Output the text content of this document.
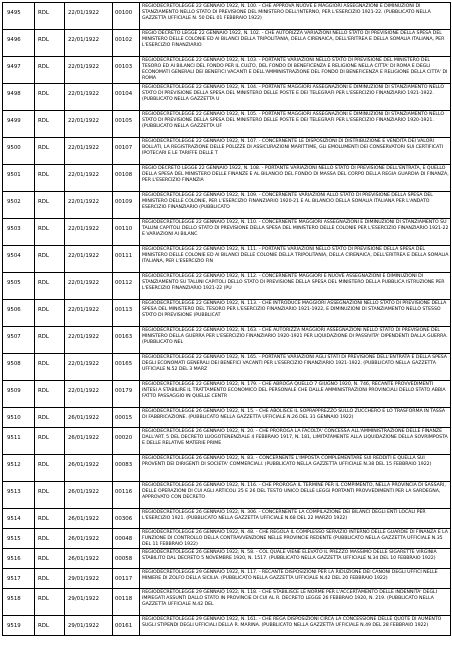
9495	RDL	22/01/1922	00100	REGIODECRETOLEGGE 22 GENNAIO 1922, N. 100. - CHE APPROVA NUOVE E MAGGIORI ASSEGNAZIONI E DIMINUZIONI DI STANZIAMENTO NELLO STATO DI PREVISIONE DEL MINISTERO DELL'INTERNO, PER L'ESERCIZIO 1921-22. (PUBBLICATO NELLA GAZZETTA UFFICIALE N. 50 DEL 01 FEBBRAIO 1922)
9496	RDL	22/01/1922	00102	REGIO DECRETO LEGGE 22 GENNAIO 1922, N. 102. - CHE AUTORIZZA VARIAZIONI NELLO STATO DI PREVISIONE DELLA SPESA DEL MINISTERO DELLE COLONIE ED AI BILANCI DELLA TRIPOLITANIA, DELLA CIRENAICA, DELL'ERITREA E DELLA SOMALIA ITALIANA, PER L'ESERCIZIO FINANZIARIO
9497	RDL	22/01/1922	00103	REGIODECRETOLEGGE 22 GENNAIO 1922, N. 103. - PORTANTE VARIAZIONI NELLO STATO DI PREVISIONE DEL MINISTERO DEL TESORO ED AI BILANCI DEL FONDO PER IL CULTO, DEL FONDO DI BENEFICENZA E RELIGIONE NELLA CITTA' DI ROMA E DEGLI ECONOMATI GENERALI DEI BENEFICI VACANTI E DELL'AMMINISTRAZIONE DEL FONDO DI BENEFICENZA E RELIGIONE DELLA CITTA' DI ROMA
9498	RDL	22/01/1922	00104	REGIODECRETOLEGGE 22 GENNAIO 1922, N. 104. - PORTANTE MAGGIORI ASSEGNAZIONI E DIMINUZIONI DI STANZIAMENTO NELLO STATO DI PREVISIONE DELLA SPESA DEL MINISTERO DELLE POSTE E DEI TELEGRAFI PER L'ESERCIZIO FINANZIARIO 1921-1922. (PUBBLICATO NELLA GAZZETTA U
9499	RDL	22/01/1922	00105	REGIODECRETOLEGGE 22 GENNAIO 1922, N. 105. - PORTANTE MAGGIORI ASSEGNAZIONI E DIMINUZIONI DI STANZIAMENTO NELLO STATO DI PREVISIONE DELLA SPESA DEL MINISTERO DELLE POSTE E DEI TELEGRAFI PER L'ESERCIZIO FINANZIARIO 1920-1921. (PUBBLICATO NELLA GAZZETTA UF
9500	RDL	22/01/1922	00107	REGIODECRETOLEGGE 22 GENNAIO 1922, N. 107. - CONCERNENTE LE DISPOSIZIONI DI DISTRIBUZIONE E VENDITA DEI VALORI BOLLATI, LA REGISTRAZIONE DELLE POLIZZE DI ASSICURAZIONI MARITTIME, GLI EMOLUMENTI DEI CONSERVATORI SUI CERTIFICATI IPOTECARI E LE TARIFFE DELLE T
9501	RDL	22/01/1922	00108	REGIO DECRETO LEGGE 22 GENNAIO 1922, N. 108. - PORTANTE VARIAZIONI NELLO STATO DI PREVISIONE DELL'ENTRATA, E QUELLO DELLA SPESA DEL MINISTERO DELLE FINANZE E AL BILANCIO DEL FONDO DI MASSA DEL CORPO DELLA REGIA GUARDIA DI FINANZA, PER L'ESERCIZIO FINANZIA
9502	RDL	22/01/1922	00109	REGIODECRETOLEGGE 22 GENNAIO 1922, N. 109. - CONCERNENTE VARIAZIONI ALLO STATO DI PREVISIONE DELLA SPESA DEL MINISTERO DELLE COLONIE, PER L'ESERCIZIO FINANZIARIO 1920-21 E AL BILANCIO DELLA SOMALIA ITALIANA PER L'ANDATO ESERCIZIO FINANZIARIO (PUBBLICATO
9503	RDL	22/01/1922	00110	REGIODECRETOLEGGE 22 GENNAIO 1922, N. 110. - CONCERNENTE MAGGIORI ASSEGNAZIONI E DIMINUZIONI DI STANZIAMENTO SU TALUNI CAPITOLI DELLO STATO DI PREVISIONE DELLA SPESA DEL MINISTERO DELLE COLONIE PER L'ESERCIZIO FINANZIARIO 1921-22 E VARIAZIONI AI BILANC
9504	RDL	22/01/1922	00111	REGIODECRETOLEGGE 22 GENNAIO 1922, N. 111. - PORTANTE VARIAZIONI NELLO STATO DI PREVISIONE DELLA SPESA DEL MINISTERO DELLE COLONIE ED AI BILANCI DELLE COLONIE DELLA TRIPOLITANIA, DELLA CIRENAICA, DELL'ERITREA E DELLA SOMALIA ITALIANA, PER L'ESERCIZIO FIN
9505	RDL	22/01/1922	00112	REGIODECRETOLEGGE 22 GENNAIO 1922, N. 112. - CONCERNENTE MAGGIORI E NUOVE ASSEGNAZIONI E DIMINUZIONI DI STANZIAMENTO SU TALUNI CAPITOLI DELLO STATO DI PREVISIONE DELLA SPESA DEL MINISTERO DELLA PUBBLICA ISTRUZIONE PER L'ESERCIZIO FINANZIARIO 1921-22 (PU
9506	RDL	22/01/1922	00113	REGIODECRETOLEGGE 22 GENNAIO 1922, N. 113. - CHE INTRODUCE MAGGIORI ASSEGNAZIONI NELLO STATO DI PREVISIONE DELLA SPESA DEL MINISTERO DEL TESORO PER L'ESERCIZIO FINANZIARIO 1921-1922, E DIMINUZIONI DI STANZIAMENTO NELLO STESSO STATO DI PREVISIONE (PUBBLICAT
9507	RDL	22/01/1922	00163	REGIODECRETOLEGGE 22 GENNAIO 1922, N. 163. - CHE AUTORIZZA MAGGIORI ASSEGNAZIONI NELLO STATO DI PREVISIONE DEL MINISTERO DELLA GUERRA PER L'ESERCIZIO FINANZIARIO 1920-1921 PER LIQUIDAZIONE DI PASSIVITA' DIPENDENTI DALLA GUERRA. (PUBBLICATO NEL
9508	RDL	22/01/1922	00165	REGIODECRETOLEGGE 22 GENNAIO 1922, N. 165. - PORTANTE VARIAZIONI AGLI STATI DI PREVISIONE DELL'ENTRATA E DELLA SPESA DEGLI ECONOMATI GENERALI DEI BENEFICI VACANTI PER L'ESERCIZIO FINANZIARIO 1921-1922. (PUBBLICATO NELLA GAZZETTA UFFICIALE N.52 DEL 3 MARZ
9509	RDL	22/01/1922	00179	REGIODECRETOLEGGE 22 GENNAIO 1922, N. 179. - CHE ABROGA QUELLO 7 GIUGNO 1920, N. 746, RECANTE PROVVEDIMENTI INTESI A STABILIRE IL TRATTAMENTO ECONOMICO DEL PERSONALE CHE DALLE AMMINISTRAZIONI PROVINCIALI DELLO STATO ABBIA FATTO PASSAGGIO IN QUELLE CENTR
9510	RDL	26/01/1922	00015	REGIODECRETOLEGGE 26 GENNAIO 1922, N. 15. - CHE ABOLISCE IL SOPRAPPREZZO SULLO ZUCCHERO E LO TRASFORMA IN TASSA DI FABBRICAZIONE. (PUBBLICATO NELLA GAZZETTA UFFICIALE N.26 DEL 31 GENNAIO 1922)
9511	RDL	26/01/1922	00020	REGIODECRETOLEGGE 26 GENNAIO 1922, N. 20. - CHE PROROGA LA FACOLTA' CONCESSA ALL'AMMINISTRAZIONE DELLE FINANZE DALL'ART. 5 DEL DECRETO LUOGOTENENZIALE 4 FEBBRAIO 1917, N. 181, LIMITATAMENTE ALLA LIQUIDAZIONE DELLA SOVRIMPOSTA E DELLE RELATIVE MATERIE PRIME
9512	RDL	26/01/1922	00083	REGIODECRETOLEGGE 26 GENNAIO 1922, N. 83. - CONCERNENTE L'IMPOSTA COMPLEMENTARE SUI REDDITI E QUELLA SUI PROVENTI DEI DIRIGENTI DI SOCIETA' COMMERCIALI. (PUBBLICATO NELLA GAZZETTA UFFICIALE N.38 DEL 15 FEBBRAIO 1922)
9513	RDL	26/01/1922	00116	REGIODECRETOLEGGE 26 GENNAIO 1922, N. 116. - CHE PROROGA IL TERMINE PER IL COMPIMENTO, NELLA PROVINCIA DI SASSARI, DELLE OPERAZIONI DI CUI AGLI ARTICOLI 25 E 26 DEL TESTO UNICO DELLE LEGGI PORTANTI PROVVEDIMENTI PER LA SARDEGNA, APPROVATO CON DECRETO
9514	RDL	26/01/1922	00306	REGIODECRETOLEGGE 26 GENNAIO 1922, N. 306. - CONCERNENTE LA COMPILAZIONE DEI BILANCI DEGLI ENTI LOCALI PER L'ESERCIZIO 1921. (PUBBLICATO NELLA GAZZETTA UFFICIALE N.68 DEL 22 MARZO 1922)
9515	RDL	26/01/1922	00048	REGIODECRETOLEGGE 26 GENNAIO 1922, N. 48. - CHE REGOLA IL COMPLESSO SERVIZIO INTERNO DELLE GUARDIE DI FINANZA E LA FUNZIONE DI CONTROLLO DELLA CONTRAVVENZIONE NELLE PROVINCIE REDENTE (PUBBLICATO NELLA GAZZETTA UFFICIALE N.35 DEL 11 FEBBRAIO 1922)
9516	RDL	26/01/1922	00058	REGIODECRETOLEGGE 26 GENNAIO 1922, N. 58. - COL QUALE VIENE ELEVATO IL PREZZO MASSIMO DELLE SIGARETTE VIRGINIA STABILITO DAL DECRETO 5 NOVEMBRE 1920, N. 1517. (PUBBLICATO NELLA GAZZETTA UFFICIALE N.34 DEL 10 FEBBRAIO 1922)
9517	RDL	29/01/1922	00117	REGIODECRETOLEGGE 29 GENNAIO 1922, N. 117. - RECANTE DISPOSIZIONI PER LA RIDUZIONE DEI CANONI DEGLI UFFICI NELLE MINIERE DI ZOLFO DELLA SICILIA. (PUBBLICATO NELLA GAZZETTA UFFICIALE N.42 DEL 20 FEBBRAIO 1922)
9518	RDL	29/01/1922	00118	REGIODECRETOLEGGE 29 GENNAIO 1922, N. 118. - CHE STABILISCE LE NORME PER L'ACCERTAMENTO DELLE INDENNITA' DEGLI IMPIEGATI ASSUNTI DALLO STATO IN PROVINCIE DI CUI AL R. DECRETO LEGGE 26 FEBBRAIO 1920, N. 219. (PUBBLICATO NELLA GAZZETTA UFFICIALE N.42 DEL
9519	RDL	29/01/1922	00161	REGIODECRETOLEGGE 29 GENNAIO 1922, N. 161. - CHE REGA DISPOSIZIONI CIRCA LA CONCESSIONE DELLE QUOTE DI AUMENTO SUGLI STIPENDI DEGLI UFFICIALI DELLA R. MARINA. (PUBBLICATO NELLA GAZZETTA UFFICIALE N.49 DEL 28 FEBBRAIO 1922)
